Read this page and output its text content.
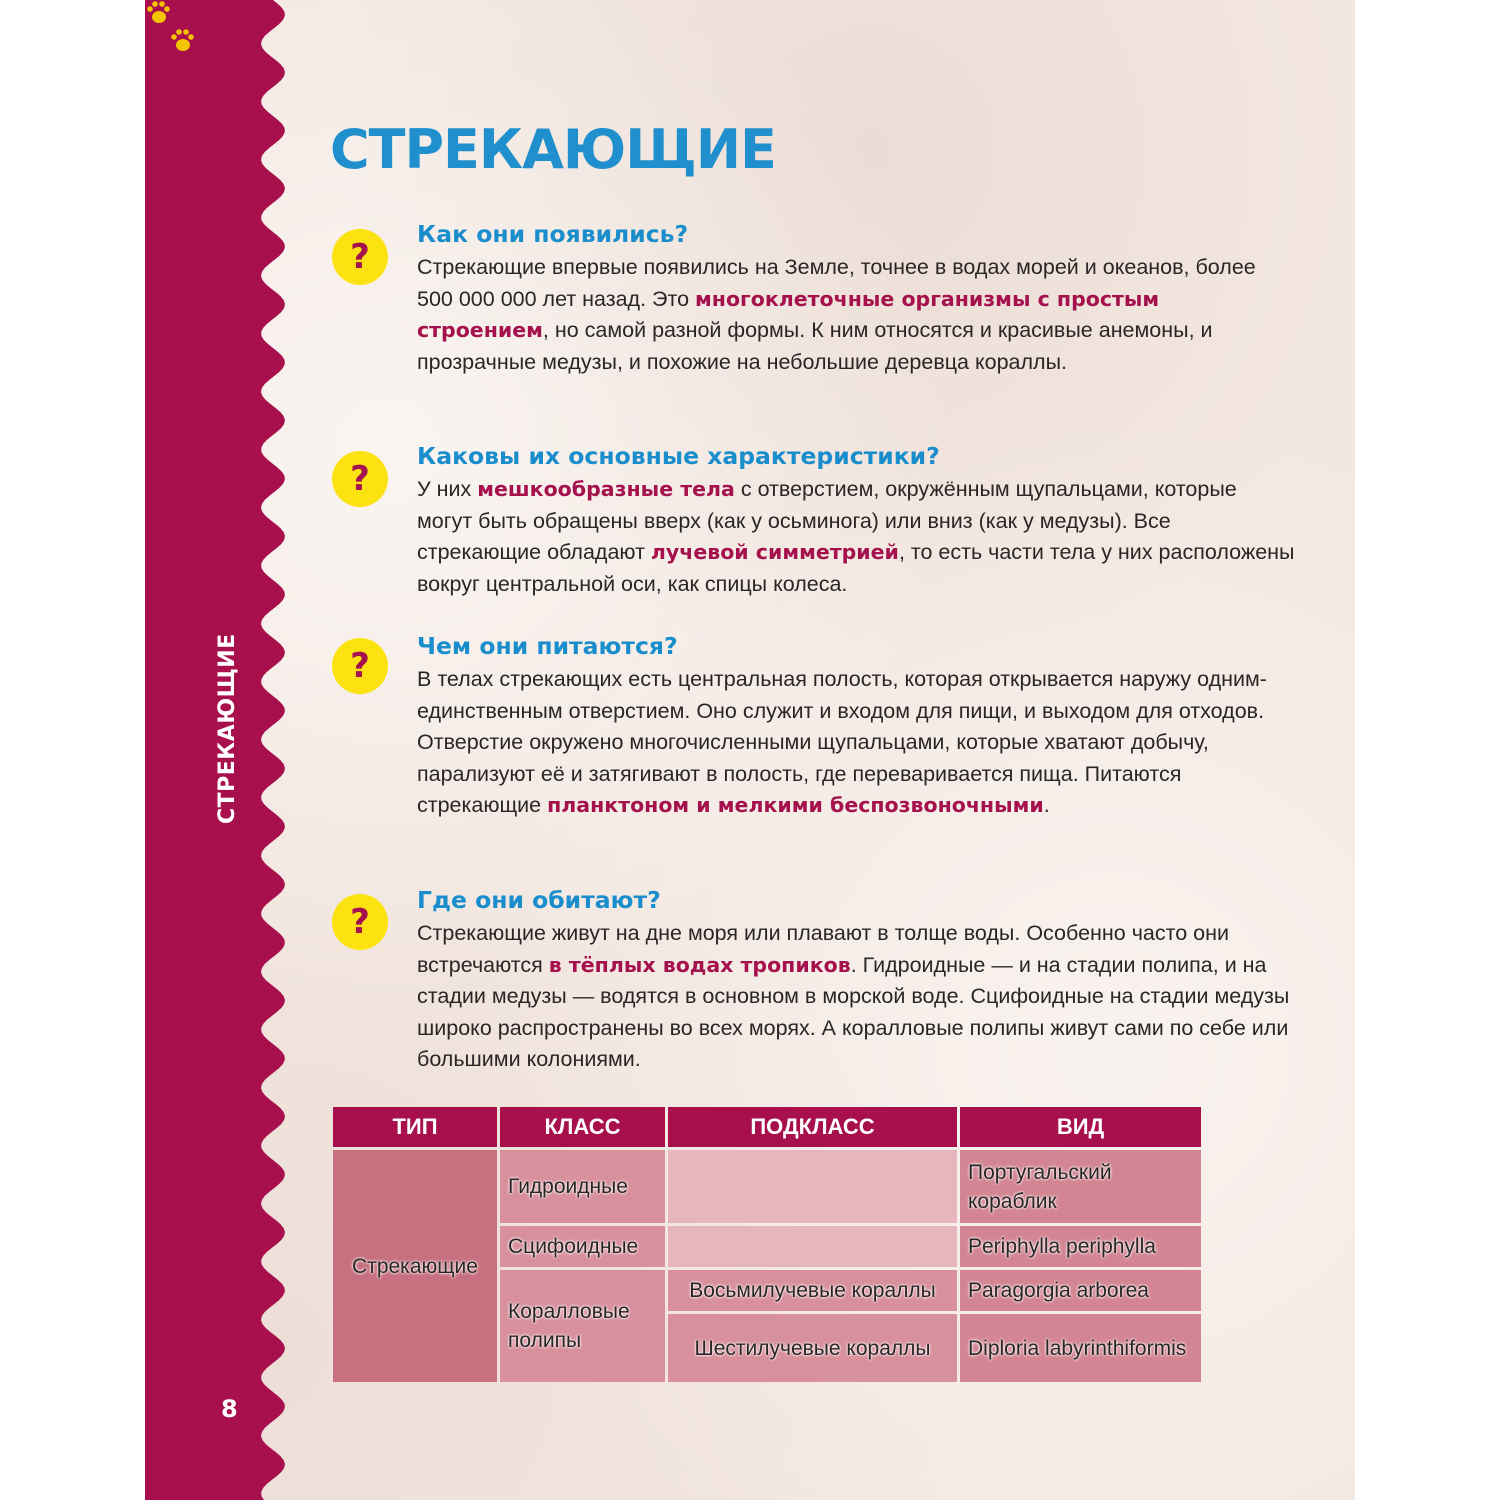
СТРЕКАЮЩИЕ
8
СТРЕКАЮЩИЕ
?
Как они появились?

Стрекающие впервые появились на Земле, точнее в водах морей и океанов, более 500 000 000 лет назад. Это многоклеточные организмы с простым строением, но самой разной формы. К ним относятся и красивые анемоны, и прозрачные медузы, и похожие на небольшие деревца кораллы.

?
Каковы их основные характеристики?

У них мешкообразные тела с отверстием, окружённым щупальцами, которые могут быть обращены вверх (как у осьминога) или вниз (как у медузы). Все стрекающие обладают лучевой симметрией, то есть части тела у них расположены вокруг центральной оси, как спицы колеса.

?	Чем они питаются?

В телах стрекающих есть центральная полость, которая открывается наружу одним-единственным отверстием. Оно служит и входом для пищи, и выходом для отходов. Отверстие окружено многочисленными щупальцами, которые хватают добычу, парализуют её и затягивают в полость, где переваривается пища. Питаются стрекающие планктоном и мелкими беспозвоночными.

?
Где они обитают?

Стрекающие живут на дне моря или плавают в толще воды. Особенно часто они встречаются в тёплых водах тропиков. Гидроидные — и на стадии полипа, и на стадии медузы — водятся в основном в морской воде. Сцифоидные на стадии медузы широко распространены во всех морях. А коралловые полипы живут сами по себе или большими колониями.

ТИП	КЛАСС	ПОДКЛАСС	ВИД
Стрекающие	Гидроидные		Португальский кораблик
	Сцифоидные		Periphylla periphylla
	Коралловые полипы	Восьмилучевые кораллы	Paragorgia arborea
		Шестилучевые кораллы	Diploria labyrinthiformis
